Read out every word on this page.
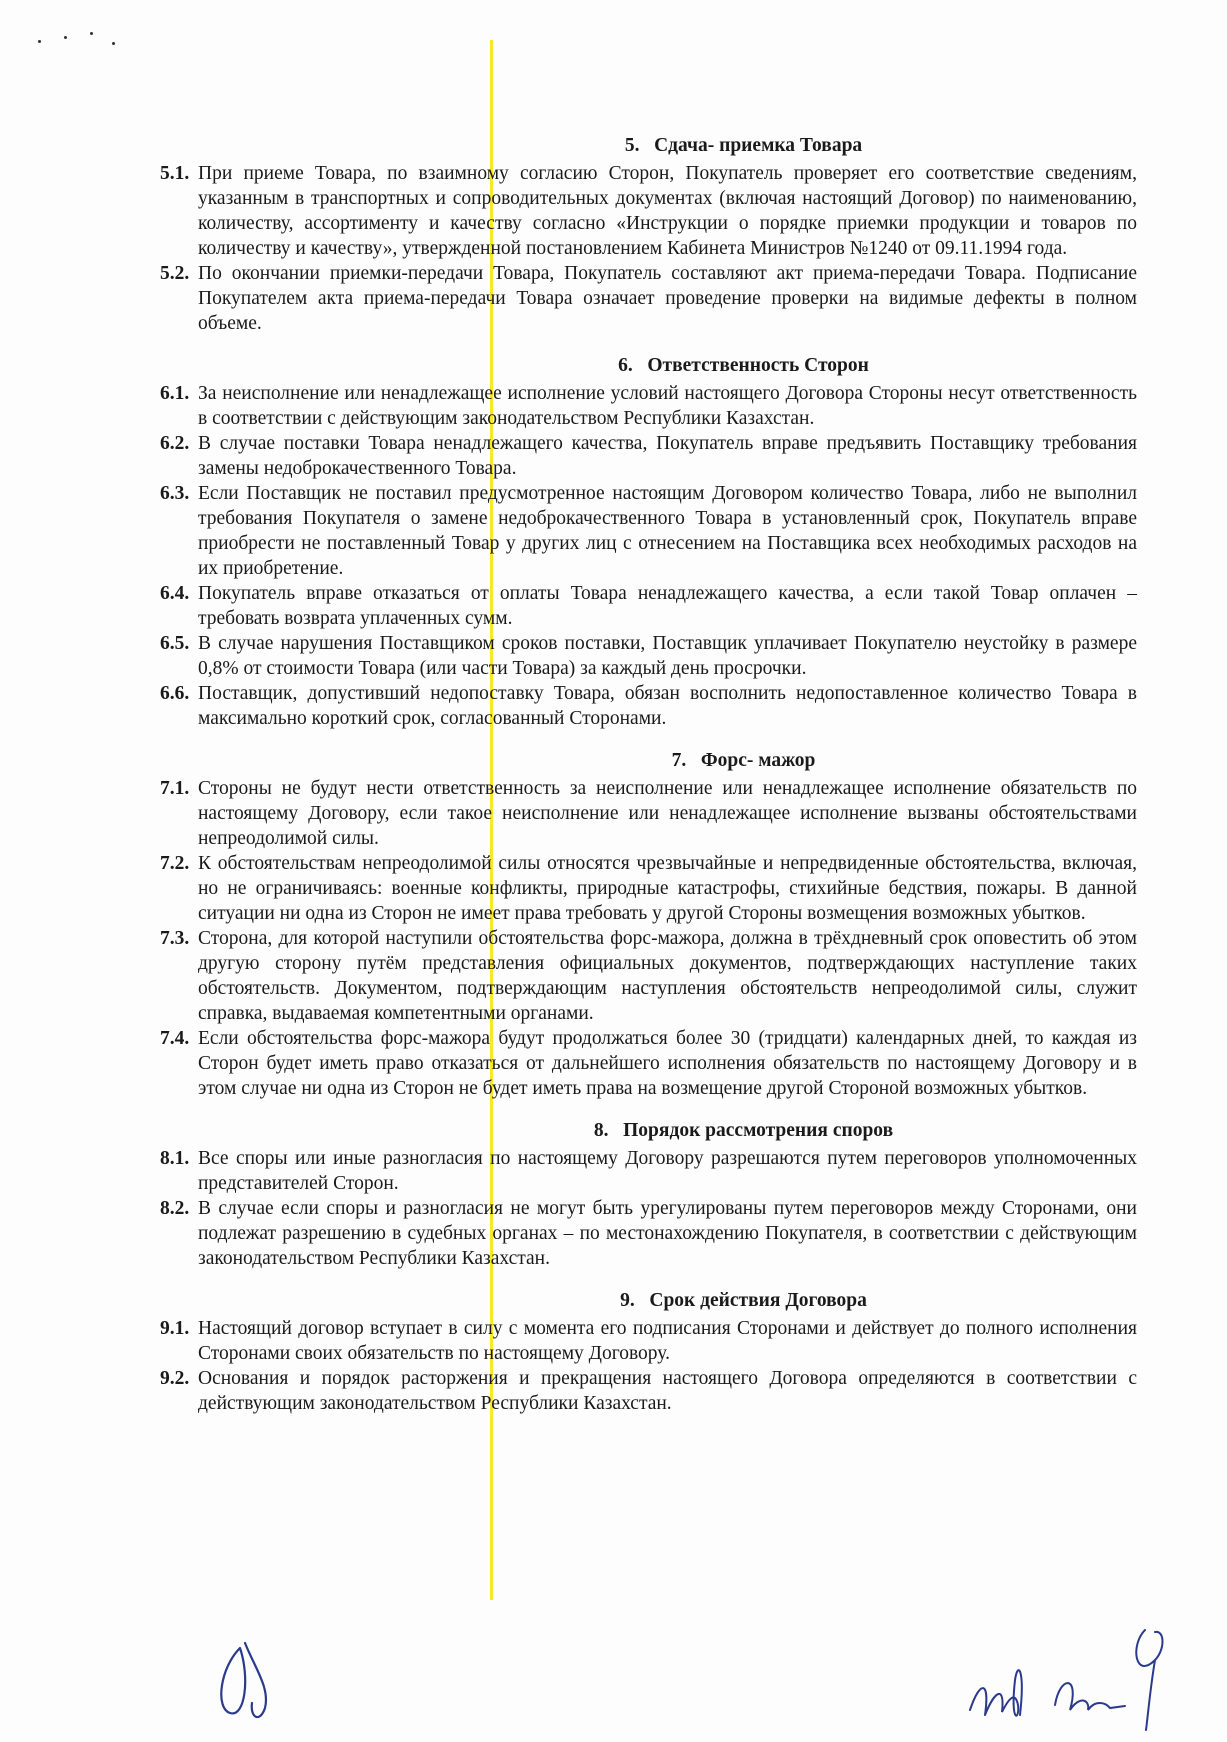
5. Сдача- приемка Товара

5.1. При приеме Товара, по взаимному согласию Сторон, Покупатель проверяет его соответствие сведениям, указанным в транспортных и сопроводительных документах (включая настоящий Договор) по наименованию, количеству, ассортименту и качеству согласно «Инструкции о порядке приемки продукции и товаров по количеству и качеству», утвержденной постановлением Кабинета Министров №1240 от 09.11.1994 года.

5.2. По окончании приемки-передачи Товара, Покупатель составляют акт приема-передачи Товара. Подписание Покупателем акта приема-передачи Товара означает проведение проверки на видимые дефекты в полном объеме.

6. Ответственность Сторон

6.1. За неисполнение или ненадлежащее исполнение условий настоящего Договора Стороны несут ответственность в соответствии с действующим законодательством Республики Казахстан.

6.2. В случае поставки Товара ненадлежащего качества, Покупатель вправе предъявить Поставщику требования замены недоброкачественного Товара.

6.3. Если Поставщик не поставил предусмотренное настоящим Договором количество Товара, либо не выполнил требования Покупателя о замене недоброкачественного Товара в установленный срок, Покупатель вправе приобрести не поставленный Товар у других лиц с отнесением на Поставщика всех необходимых расходов на их приобретение.

6.4. Покупатель вправе отказаться от оплаты Товара ненадлежащего качества, а если такой Товар оплачен – требовать возврата уплаченных сумм.

6.5. В случае нарушения Поставщиком сроков поставки, Поставщик уплачивает Покупателю неустойку в размере 0,8% от стоимости Товара (или части Товара) за каждый день просрочки.

6.6. Поставщик, допустивший недопоставку Товара, обязан восполнить недопоставленное количество Товара в максимально короткий срок, согласованный Сторонами.

7. Форс- мажор

7.1. Стороны не будут нести ответственность за неисполнение или ненадлежащее исполнение обязательств по настоящему Договору, если такое неисполнение или ненадлежащее исполнение вызваны обстоятельствами непреодолимой силы.

7.2. К обстоятельствам непреодолимой силы относятся чрезвычайные и непредвиденные обстоятельства, включая, но не ограничиваясь: военные конфликты, природные катастрофы, стихийные бедствия, пожары. В данной ситуации ни одна из Сторон не имеет права требовать у другой Стороны возмещения возможных убытков.

7.3. Сторона, для которой наступили обстоятельства форс-мажора, должна в трёхдневный срок оповестить об этом другую сторону путём представления официальных документов, подтверждающих наступление таких обстоятельств. Документом, подтверждающим наступления обстоятельств непреодолимой силы, служит справка, выдаваемая компетентными органами.

7.4. Если обстоятельства форс-мажора будут продолжаться более 30 (тридцати) календарных дней, то каждая из Сторон будет иметь право отказаться от дальнейшего исполнения обязательств по настоящему Договору и в этом случае ни одна из Сторон не будет иметь права на возмещение другой Стороной возможных убытков.

8. Порядок рассмотрения споров

8.1. Все споры или иные разногласия по настоящему Договору разрешаются путем переговоров уполномоченных представителей Сторон.

8.2. В случае если споры и разногласия не могут быть урегулированы путем переговоров между Сторонами, они подлежат разрешению в судебных органах – по местонахождению Покупателя, в соответствии с действующим законодательством Республики Казахстан.

9. Срок действия Договора

9.1. Настоящий договор вступает в силу с момента его подписания Сторонами и действует до полного исполнения Сторонами своих обязательств по настоящему Договору.

9.2. Основания и порядок расторжения и прекращения настоящего Договора определяются в соответствии с действующим законодательством Республики Казахстан.
